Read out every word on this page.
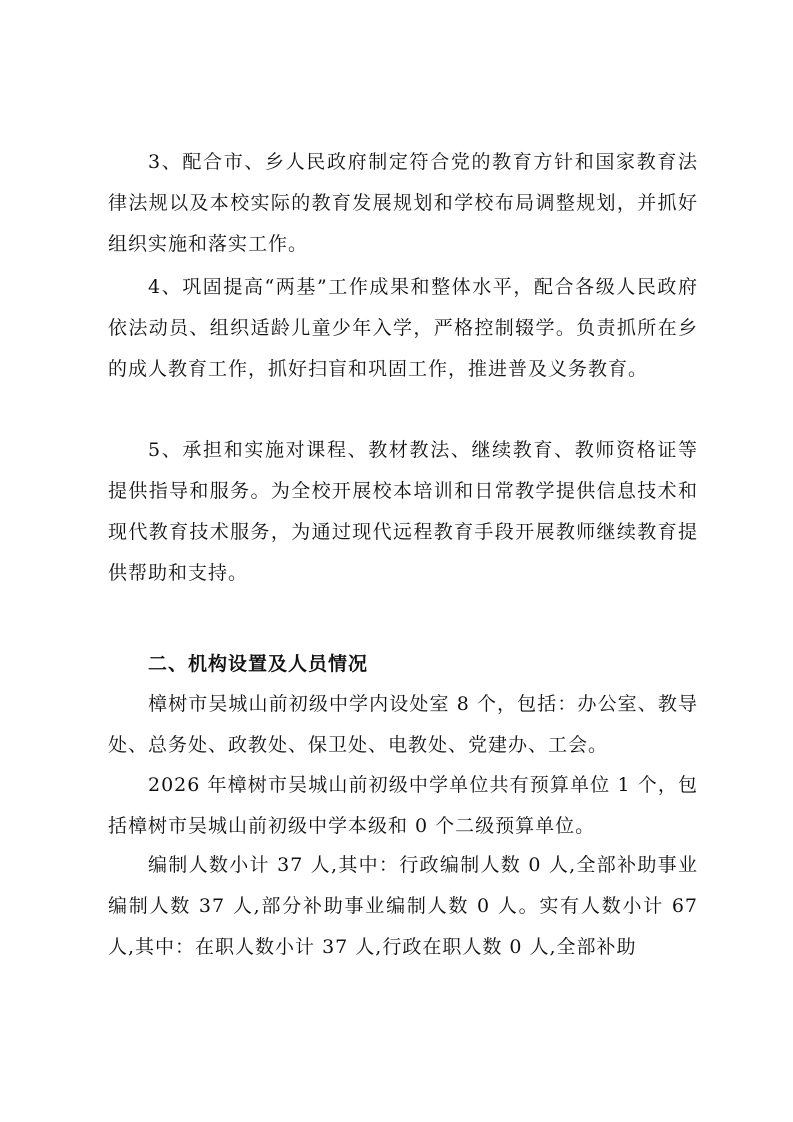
3、配合市、乡人民政府制定符合党的教育方针和国家教育法律法规以及本校实际的教育发展规划和学校布局调整规划，并抓好组织实施和落实工作。

4、巩固提高“两基”工作成果和整体水平，配合各级人民政府依法动员、组织适龄儿童少年入学，严格控制辍学。负责抓所在乡的成人教育工作，抓好扫盲和巩固工作，推进普及义务教育。

5、承担和实施对课程、教材教法、继续教育、教师资格证等提供指导和服务。为全校开展校本培训和日常教学提供信息技术和现代教育技术服务，为通过现代远程教育手段开展教师继续教育提供帮助和支持。

二、机构设置及人员情况

樟树市吴城山前初级中学内设处室 8 个，包括：办公室、教导处、总务处、政教处、保卫处、电教处、党建办、工会。

2026 年樟树市吴城山前初级中学单位共有预算单位 1 个，包括樟树市吴城山前初级中学本级和 0 个二级预算单位。

编制人数小计 37 人,其中：行政编制人数 0 人,全部补助事业编制人数 37 人,部分补助事业编制人数 0 人。实有人数小计 67 人,其中：在职人数小计 37 人,行政在职人数 0 人,全部补助
